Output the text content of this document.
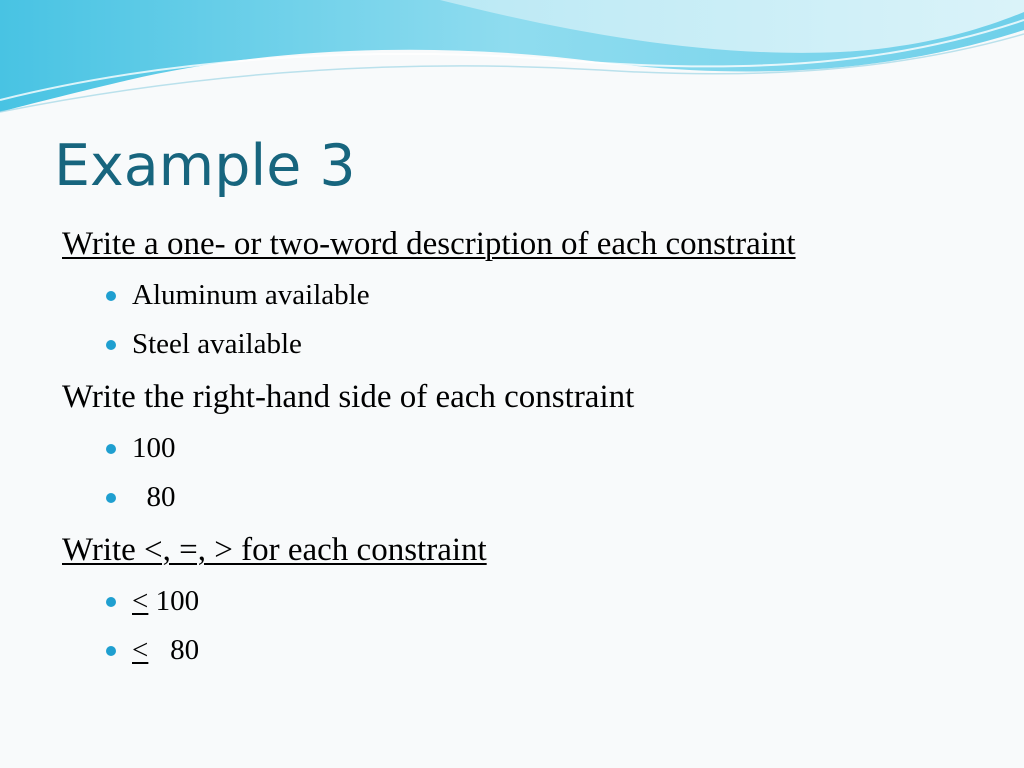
Example 3
Write a one- or two-word description of each constraint
Aluminum available
Steel available
Write the right-hand side of each constraint
100
80
Write <, =, > for each constraint
< 100
<   80
